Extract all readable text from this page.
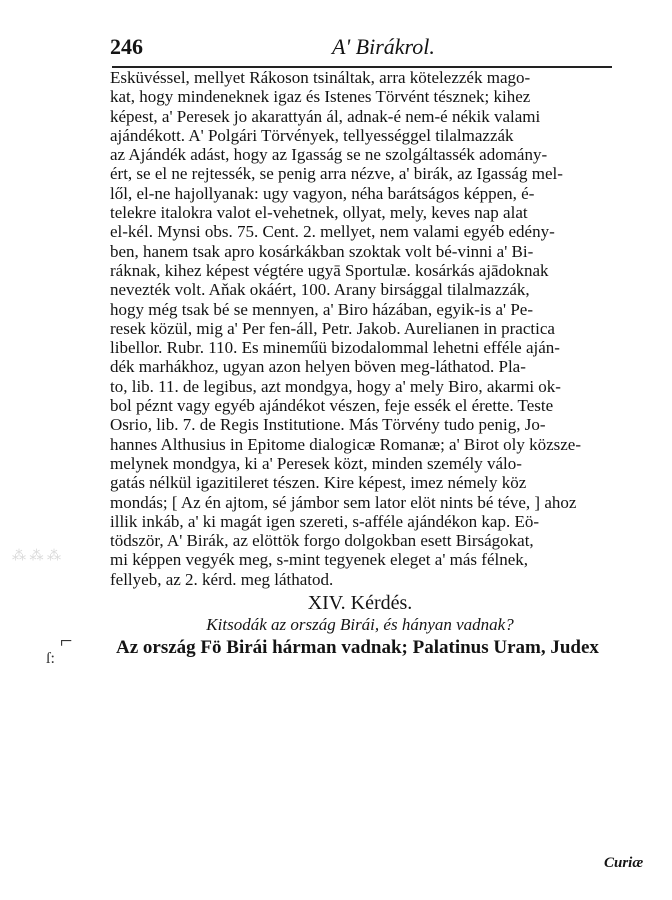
246	A' Birákrol.
⁂ ⁂ ⁂
⌐
ſ:
Esküvéssel, mellyet Rákoson tsináltak, arra kötelezzék mago-
kat, hogy mindeneknek igaz és Istenes Törvént tésznek; kihez
képest, a' Peresek jo akarattyán ál, adnak-é nem-é nékik valami
ajándékott. A' Polgári Törvények, tellyességgel tilalmazzák
az Ajándék adást, hogy az Igasság se ne szolgáltassék adomány-
ért, se el ne rejtessék, se penig arra nézve, a' birák, az Igasság mel-
lől, el-ne hajollyanak: ugy vagyon, néha barátságos képpen, é-
telekre italokra valot el-vehetnek, ollyat, mely, keves nap alat
el-kél. Mynsi obs. 75. Cent. 2. mellyet, nem valami egyéb edény-
ben, hanem tsak apro kosárkákban szoktak volt bé-vinni a' Bi-
ráknak, kihez képest végtére ugyā Sportulæ. kosárkás ajādoknak
nevezték volt. Aňak okáért, 100. Arany birsággal tilalmazzák,
hogy még tsak bé se mennyen, a' Biro házában, egyik-is a' Pe-
resek közül, mig a' Per fen-áll, Petr. Jakob. Aurelianen in practica
libellor. Rubr. 110. Es mineműü bizodalommal lehetni efféle aján-
dék marhákhoz, ugyan azon helyen böven meg-láthatod. Pla-
to, lib. 11. de legibus, azt mondgya, hogy a' mely Biro, akarmi ok-
bol péznt vagy egyéb ajándékot vészen, feje essék el érette. Teste
Osrio, lib. 7. de Regis Institutione. Más Törvény tudo penig, Jo-
hannes Althusius in Epitome dialogicæ Romanæ; a' Birot oly közsze-
melynek mondgya, ki a' Peresek közt, minden személy válo-
gatás nélkül igazitileret tészen. Kire képest, imez némely köz
mondás; [ Az én ajtom, sé jámbor sem lator elöt nints bé téve, ] ahoz
illik inkáb, a' ki magát igen szereti, s-afféle ajándékon kap. Eö-
tödször, A' Birák, az elöttök forgo dolgokban esett Birságokat,
mi képpen vegyék meg, s-mint tegyenek eleget a' más félnek,
fellyeb, az 2. kérd. meg láthatod.
XIV. Kérdés.
Kitsodák az ország Birái, és hányan vadnak?
Az ország Fö Birái hárman vadnak; Palatinus Uram, Judex
Curiæ
